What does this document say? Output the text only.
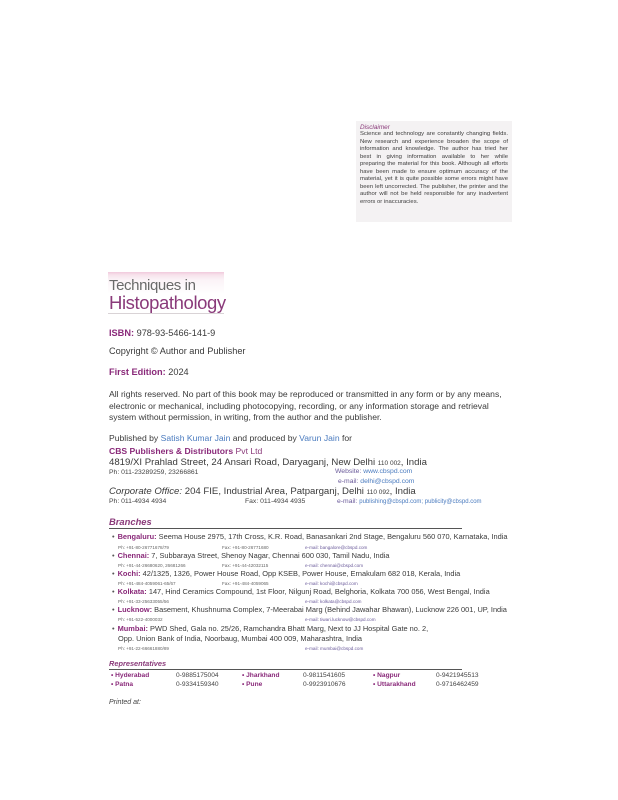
Disclaimer
Science and technology are constantly changing fields. New research and experience broaden the scope of information and knowledge. The author has tried her best in giving information available to her while preparing the material for this book. Although all efforts have been made to ensure optimum accuracy of the material, yet it is quite possible some errors might have been left uncorrected. The publisher, the printer and the author will not be held responsible for any inadvertent errors or inaccuracies.
Techniques in
Histopathology
ISBN: 978-93-5466-141-9
Copyright © Author and Publisher
First Edition: 2024
All rights reserved. No part of this book may be reproduced or transmitted in any form or by any means, electronic or mechanical, including photocopying, recording, or any information storage and retrieval system without permission, in writing, from the author and the publisher.
Published by Satish Kumar Jain and produced by Varun Jain for
CBS Publishers & Distributors Pvt Ltd
4819/XI Prahlad Street, 24 Ansari Road, Daryaganj, New Delhi 110 002, India
Ph: 011-23289259, 23266861	Website: www.cbspd.com
e-mail: delhi@cbspd.com
Corporate Office: 204 FIE, Industrial Area, Patparganj, Delhi 110 092, India
Ph: 011-4934 4934	Fax: 011-4934 4935	e-mail: publishing@cbspd.com; publicity@cbspd.com
Branches
• Bengaluru: Seema House 2975, 17th Cross, K.R. Road, Banasankari 2nd Stage, Bengaluru 560 070, Karnataka, India
Ph: +91-80-26771678/79	Fax: +91-80-26771680	e-mail: bangalore@cbspd.com
• Chennai: 7, Subbaraya Street, Shenoy Nagar, Chennai 600 030, Tamil Nadu, India
Ph: +91-44-26680620, 26681266	Fax: +91-44-42032115	e-mail: chennai@cbspd.com
• Kochi: 42/1325, 1326, Power House Road, Opp KSEB, Power House, Ernakulam 682 018, Kerala, India
Ph: +91-484-4059061-65/67	Fax: +91-484-4059065	e-mail: kochi@cbspd.com
• Kolkata: 147, Hind Ceramics Compound, 1st Floor, Nilgunj Road, Belghoria, Kolkata 700 056, West Bengal, India
Ph: +91-33-25633055/56	e-mail: kolkata@cbspd.com
• Lucknow: Basement, Khushnuma Complex, 7-Meerabai Marg (Behind Jawahar Bhawan), Lucknow 226 001, UP, India
Ph: +91-522-4000032	e-mail: tiwari.lucknow@cbspd.com
• Mumbai: PWD Shed, Gala no. 25/26, Ramchandra Bhatt Marg, Next to JJ Hospital Gate no. 2,
Opp. Union Bank of India, Noorbaug, Mumbai 400 009, Maharashtra, India
Ph: +91-22-66661880/89	e-mail: mumbai@cbspd.com
Representatives
• Hyderabad	0-9885175004	• Jharkhand	0-9811541605	• Nagpur	0-9421945513
• Patna	0-9334159340	• Pune	0-9923910676	• Uttarakhand	0-9716462459
Printed at:
